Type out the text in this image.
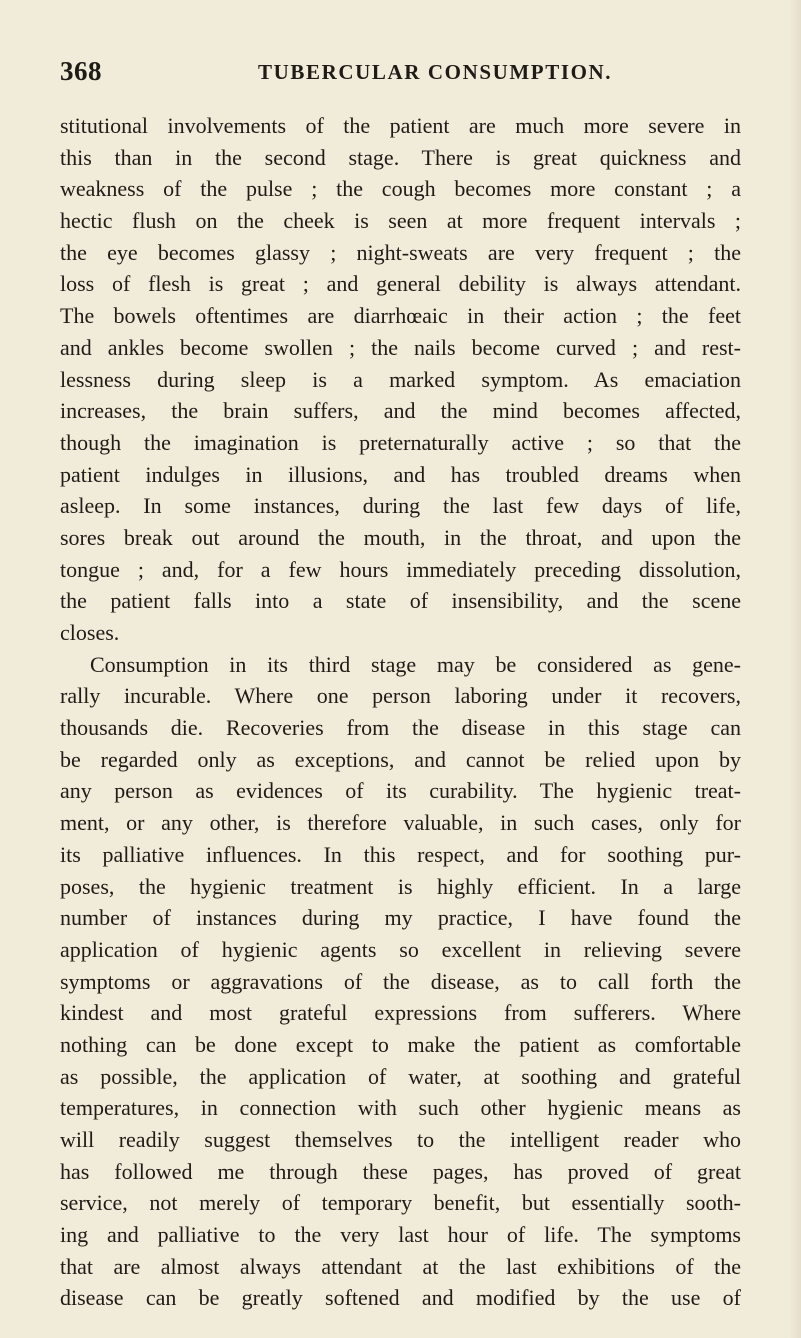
368	TUBERCULAR CONSUMPTION.
stitutional involvements of the patient are much more severe in
this than in the second stage. There is great quickness and
weakness of the pulse ; the cough becomes more constant ; a
hectic flush on the cheek is seen at more frequent intervals ;
the eye becomes glassy ; night-sweats are very frequent ; the
loss of flesh is great ; and general debility is always attendant.
The bowels oftentimes are diarrhœaic in their action ; the feet
and ankles become swollen ; the nails become curved ; and rest-
lessness during sleep is a marked symptom. As emaciation
increases, the brain suffers, and the mind becomes affected,
though the imagination is preternaturally active ; so that the
patient indulges in illusions, and has troubled dreams when
asleep. In some instances, during the last few days of life,
sores break out around the mouth, in the throat, and upon the
tongue ; and, for a few hours immediately preceding dissolution,
the patient falls into a state of insensibility, and the scene
closes.
Consumption in its third stage may be considered as gene-
rally incurable. Where one person laboring under it recovers,
thousands die. Recoveries from the disease in this stage can
be regarded only as exceptions, and cannot be relied upon by
any person as evidences of its curability. The hygienic treat-
ment, or any other, is therefore valuable, in such cases, only for
its palliative influences. In this respect, and for soothing pur-
poses, the hygienic treatment is highly efficient. In a large
number of instances during my practice, I have found the
application of hygienic agents so excellent in relieving severe
symptoms or aggravations of the disease, as to call forth the
kindest and most grateful expressions from sufferers. Where
nothing can be done except to make the patient as comfortable
as possible, the application of water, at soothing and grateful
temperatures, in connection with such other hygienic means as
will readily suggest themselves to the intelligent reader who
has followed me through these pages, has proved of great
service, not merely of temporary benefit, but essentially sooth-
ing and palliative to the very last hour of life. The symptoms
that are almost always attendant at the last exhibitions of the
disease can be greatly softened and modified by the use of
